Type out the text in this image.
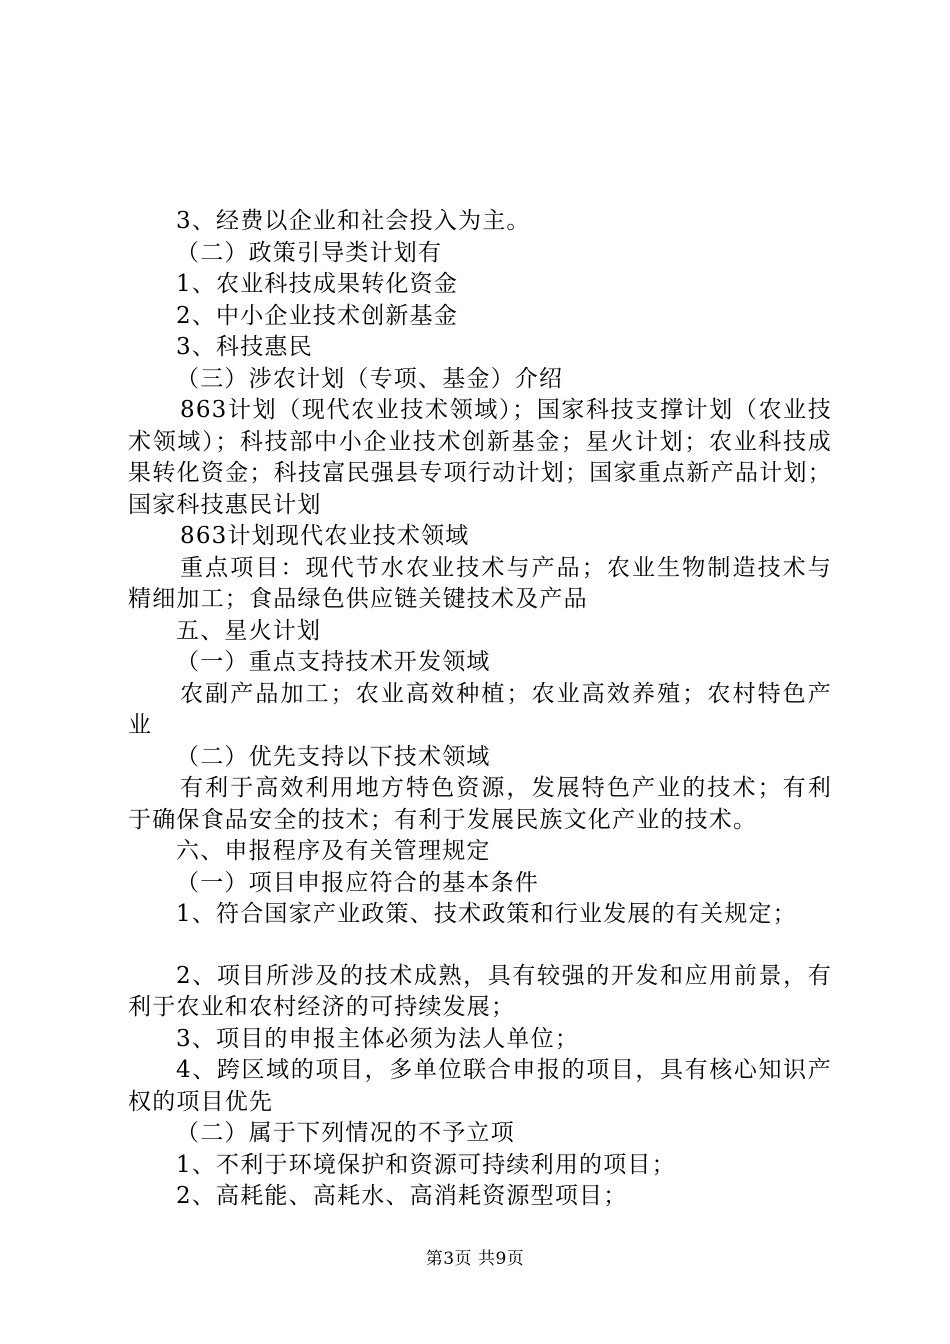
3、经费以企业和社会投入为主。

（二）政策引导类计划有

1、农业科技成果转化资金

2、中小企业技术创新基金

3、科技惠民

（三）涉农计划（专项、基金）介绍

863计划（现代农业技术领域）；国家科技支撑计划（农业技术领域）；科技部中小企业技术创新基金；星火计划；农业科技成果转化资金；科技富民强县专项行动计划；国家重点新产品计划；国家科技惠民计划

863计划现代农业技术领域

重点项目：现代节水农业技术与产品；农业生物制造技术与精细加工；食品绿色供应链关键技术及产品

五、星火计划

（一）重点支持技术开发领域

农副产品加工；农业高效种植；农业高效养殖；农村特色产业

（二）优先支持以下技术领域

有利于高效利用地方特色资源，发展特色产业的技术；有利于确保食品安全的技术；有利于发展民族文化产业的技术。

六、申报程序及有关管理规定

（一）项目申报应符合的基本条件

1、符合国家产业政策、技术政策和行业发展的有关规定；

2、项目所涉及的技术成熟，具有较强的开发和应用前景，有利于农业和农村经济的可持续发展；

3、项目的申报主体必须为法人单位；

4、跨区域的项目，多单位联合申报的项目，具有核心知识产权的项目优先

（二）属于下列情况的不予立项

1、不利于环境保护和资源可持续利用的项目；

2、高耗能、高耗水、高消耗资源型项目；

第3页 共9页
